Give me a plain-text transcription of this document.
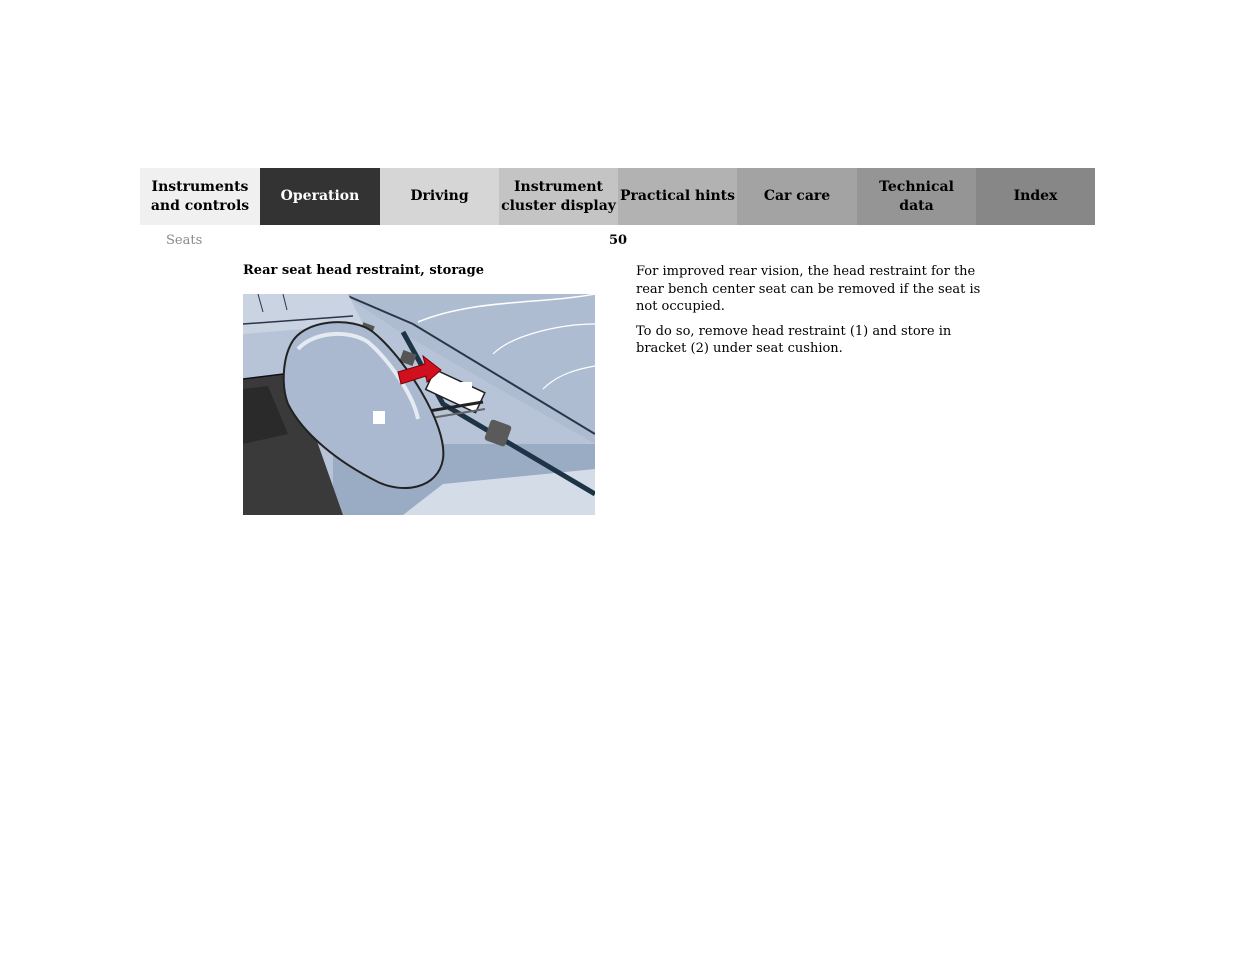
Instruments
and controls
Operation	Driving
Instrument
cluster display
Practical hints Car care
Technical
data
Index
Seats	50
Rear seat head restraint, storage	For improved rear vision, the head restraint for the rear bench center seat can be removed if the seat is not occupied.

To do so, remove head restraint (1) and store in bracket (2) under seat cushion.
